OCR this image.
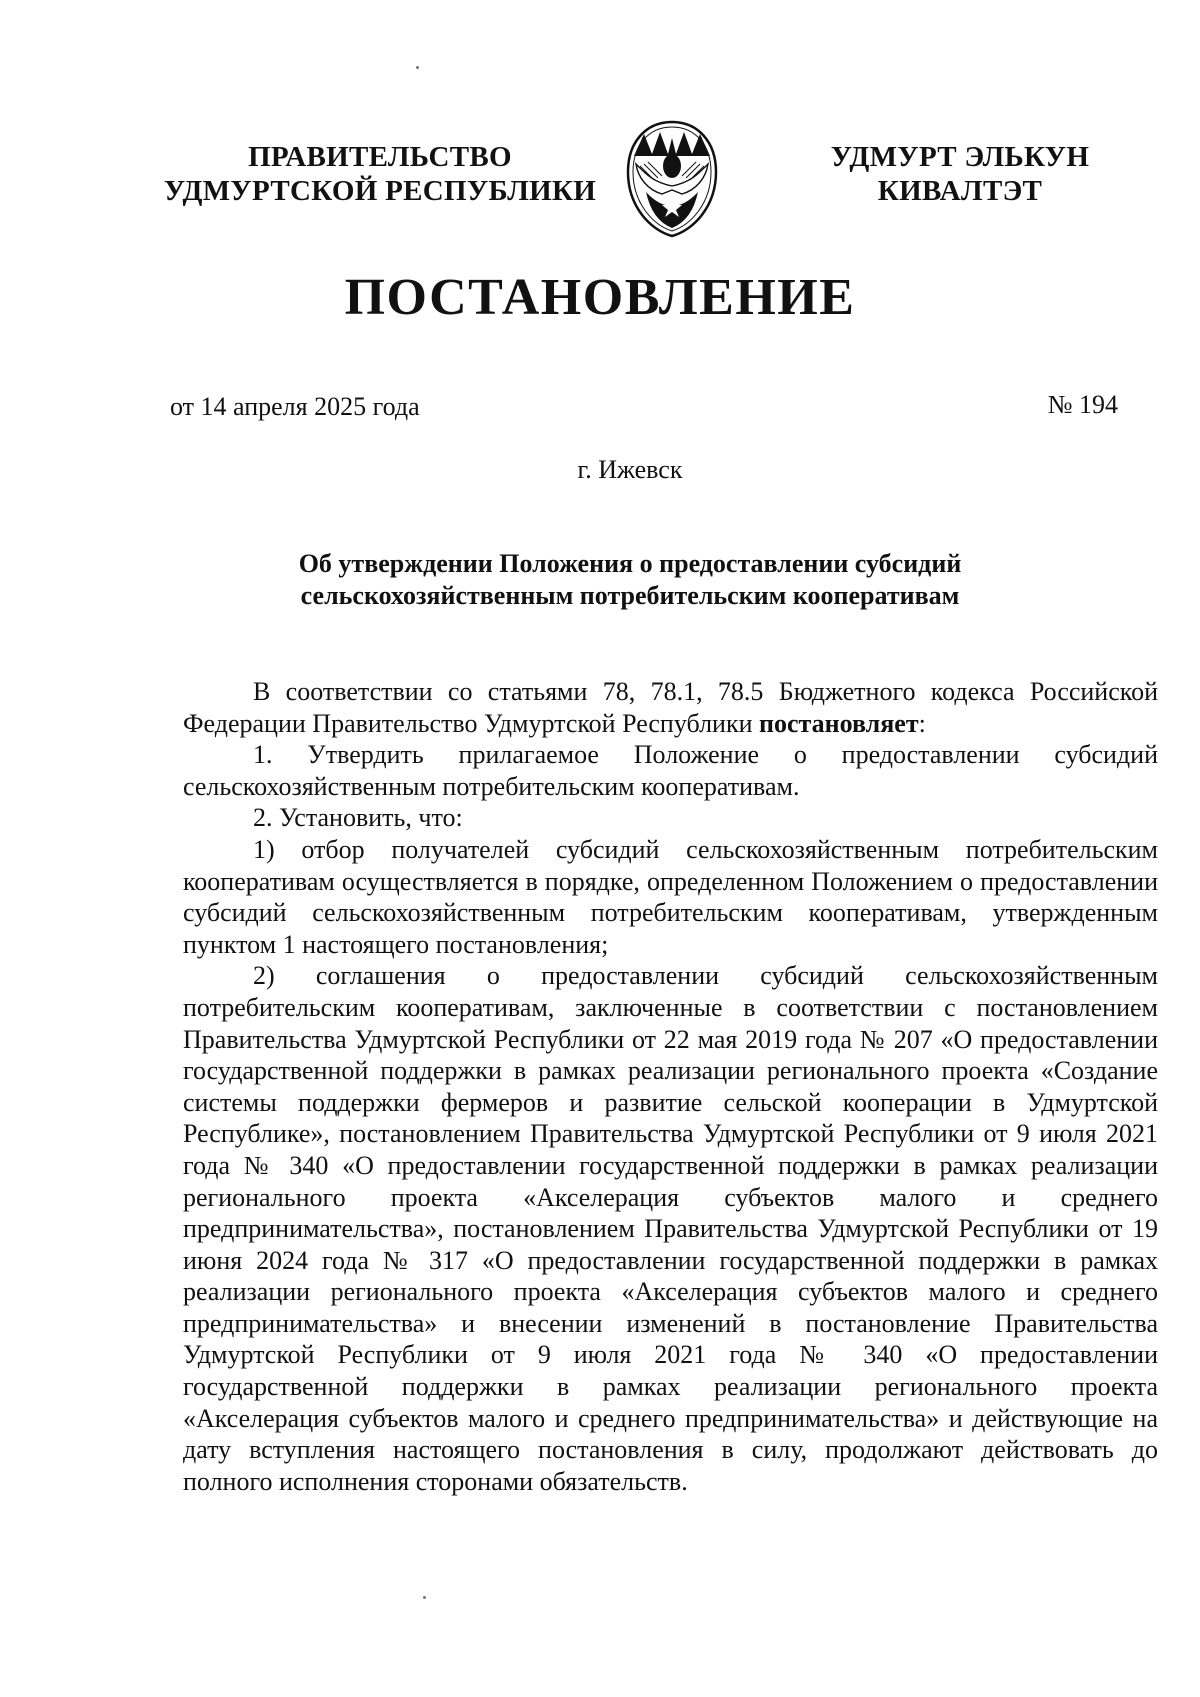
ПРАВИТЕЛЬСТВО
УДМУРТСКОЙ РЕСПУБЛИКИ
УДМУРТ ЭЛЬКУН
КИВАЛТЭТ
ПОСТАНОВЛЕНИЕ
от 14 апреля 2025 года	№ 194
г. Ижевск
Об утверждении Положения о предоставлении субсидий
сельскохозяйственным потребительским кооперативам

В соответствии со статьями 78, 78.1, 78.5 Бюджетного кодекса Российской Федерации Правительство Удмуртской Республики постановляет:

1. Утвердить прилагаемое Положение о предоставлении субсидий сельскохозяйственным потребительским кооперативам.

2. Установить, что:

1) отбор получателей субсидий сельскохозяйственным потребительским кооперативам осуществляется в порядке, определенном Положением о предоставлении субсидий сельскохозяйственным потребительским кооперативам, утвержденным пунктом 1 настоящего постановления;

2) соглашения о предоставлении субсидий сельскохозяйственным потребительским кооперативам, заключенные в соответствии с постановлением Правительства Удмуртской Республики от 22 мая 2019 года № 207 «О предоставлении государственной поддержки в рамках реализации регионального проекта «Создание системы поддержки фермеров и развитие сельской кооперации в Удмуртской Республике», постановлением Правительства Удмуртской Республики от 9 июля 2021 года № 340 «О предоставлении государственной поддержки в рамках реализации регионального проекта «Акселерация субъектов малого и среднего предпринимательства», постановлением Правительства Удмуртской Республики от 19 июня 2024 года № 317 «О предоставлении государственной поддержки в рамках реализации регионального проекта «Акселерация субъектов малого и среднего предпринимательства» и внесении изменений в постановление Правительства Удмуртской Республики от 9 июля 2021 года № 340 «О предоставлении государственной поддержки в рамках реализации регионального проекта «Акселерация субъектов малого и среднего предпринимательства» и действующие на дату вступления настоящего постановления в силу, продолжают действовать до полного исполнения сторонами обязательств.
